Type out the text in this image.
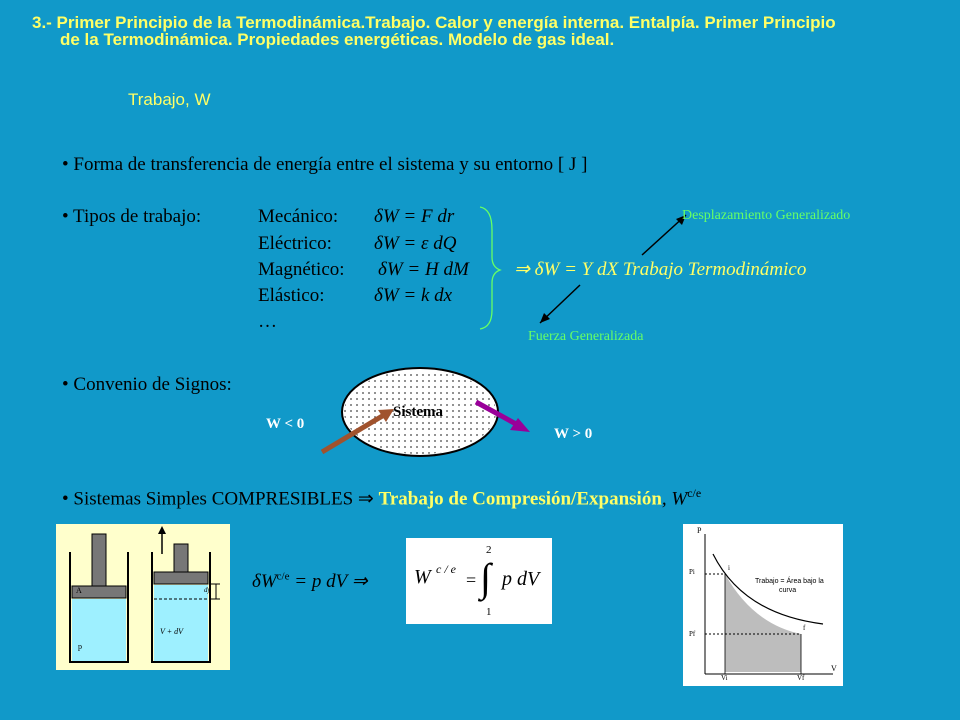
3.- Primer Principio de la Termodinámica.Trabajo. Calor y energía interna. Entalpía. Primer Principio
de la Termodinámica. Propiedades energéticas. Modelo de gas ideal.
Trabajo, W
• Forma de transferencia de energía entre el sistema y su entorno [ J ]
• Tipos de trabajo:	Mecánico: δW = F dr
Eléctrico: δW = ε dQ
Magnético: δW = H dM
Elástico:	δW = k dx
…
Desplazamiento Generalizado
⇒ δW = Y dX Trabajo Termodinámico
Fuerza Generalizada
• Convenio de Signos:
Sistema
W < 0
W > 0
• Sistemas Simples COMPRESIBLES ⇒ Trabajo de Compresión/Expansión, $W^{c/e}$
A
p
dy
V + dV
$\delta W^{c/e} = p$ dV ⇒ W c / e
=
2
∫
1
p dV
P
V
Pi
Pf
Vi	Vf
i
f
Trabajo = Área bajo la
curva
